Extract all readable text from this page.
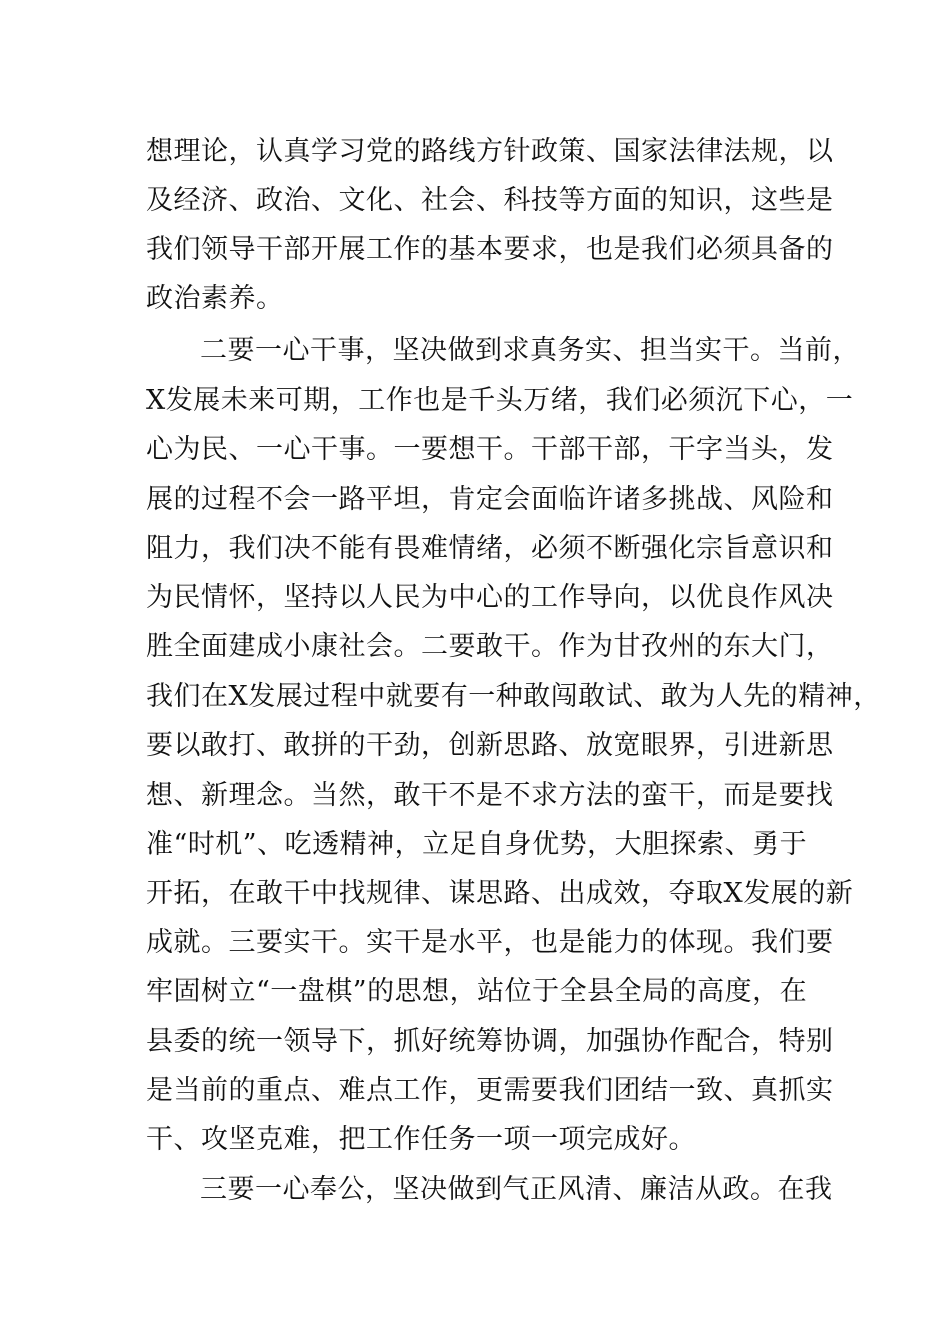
想理论，认真学习党的路线方针政策、国家法律法规，以
及经济、政治、文化、社会、科技等方面的知识，这些是
我们领导干部开展工作的基本要求，也是我们必须具备的
政治素养。
二要一心干事，坚决做到求真务实、担当实干。当前，
X发展未来可期，工作也是千头万绪，我们必须沉下心，一
心为民、一心干事。一要想干。干部干部，干字当头，发
展的过程不会一路平坦，肯定会面临许诸多挑战、风险和
阻力，我们决不能有畏难情绪，必须不断强化宗旨意识和
为民情怀，坚持以人民为中心的工作导向，以优良作风决
胜全面建成小康社会。二要敢干。作为甘孜州的东大门，
我们在X发展过程中就要有一种敢闯敢试、敢为人先的精神，
要以敢打、敢拼的干劲，创新思路、放宽眼界，引进新思
想、新理念。当然，敢干不是不求方法的蛮干，而是要找
准“时机”、吃透精神，立足自身优势，大胆探索、勇于
开拓，在敢干中找规律、谋思路、出成效，夺取X发展的新
成就。三要实干。实干是水平，也是能力的体现。我们要
牢固树立“一盘棋”的思想，站位于全县全局的高度，在
县委的统一领导下，抓好统筹协调，加强协作配合，特别
是当前的重点、难点工作，更需要我们团结一致、真抓实
干、攻坚克难，把工作任务一项一项完成好。
三要一心奉公，坚决做到气正风清、廉洁从政。在我
